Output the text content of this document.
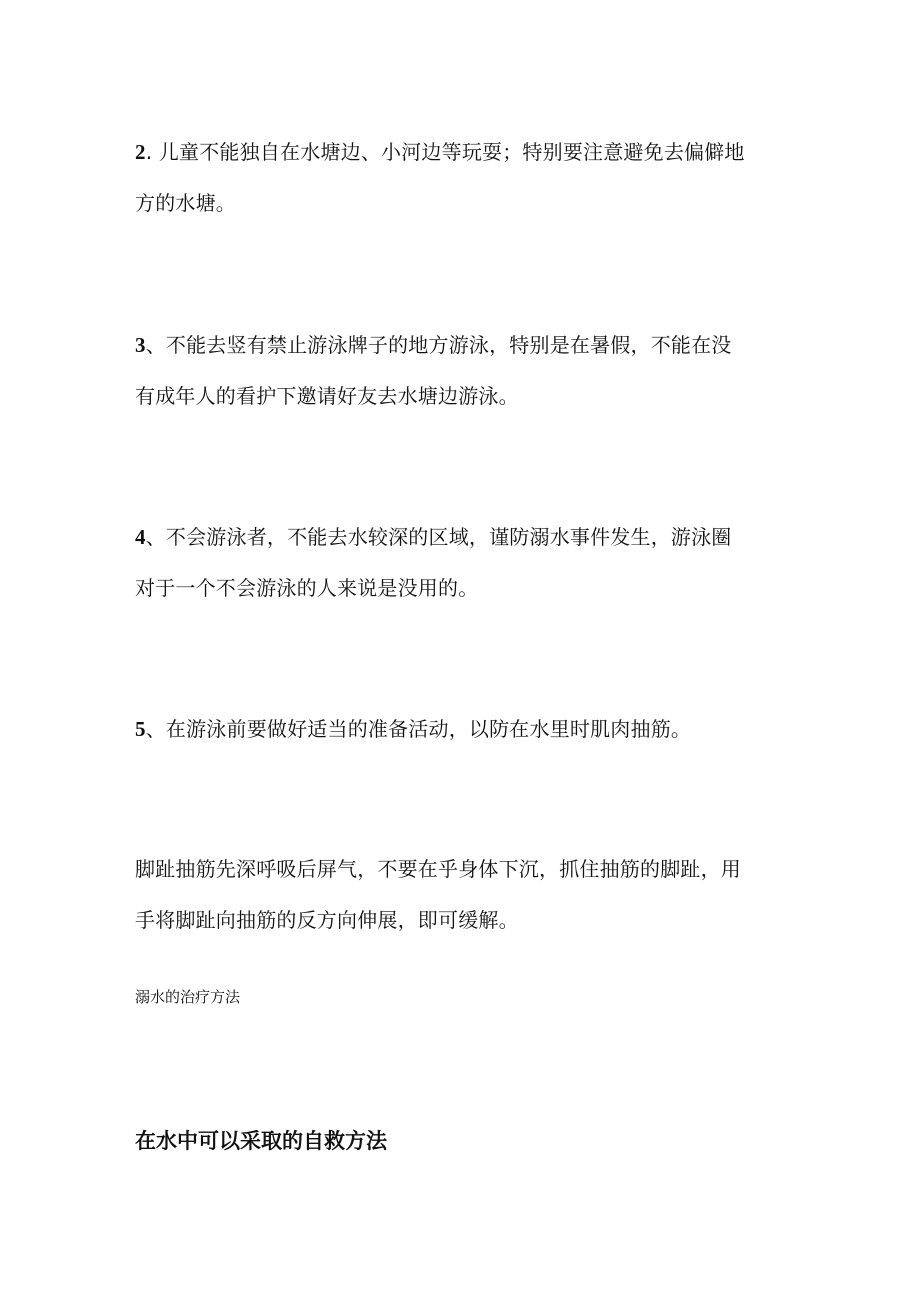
2. 儿童不能独自在水塘边、小河边等玩耍；特别要注意避免去偏僻地
方的水塘。
3、不能去竖有禁止游泳牌子的地方游泳，特别是在暑假，不能在没
有成年人的看护下邀请好友去水塘边游泳。
4、不会游泳者，不能去水较深的区域，谨防溺水事件发生，游泳圈
对于一个不会游泳的人来说是没用的。
5、在游泳前要做好适当的准备活动，以防在水里时肌肉抽筋。
脚趾抽筋先深呼吸后屏气，不要在乎身体下沉，抓住抽筋的脚趾，用
手将脚趾向抽筋的反方向伸展，即可缓解。
溺水的治疗方法
在水中可以采取的自救方法
